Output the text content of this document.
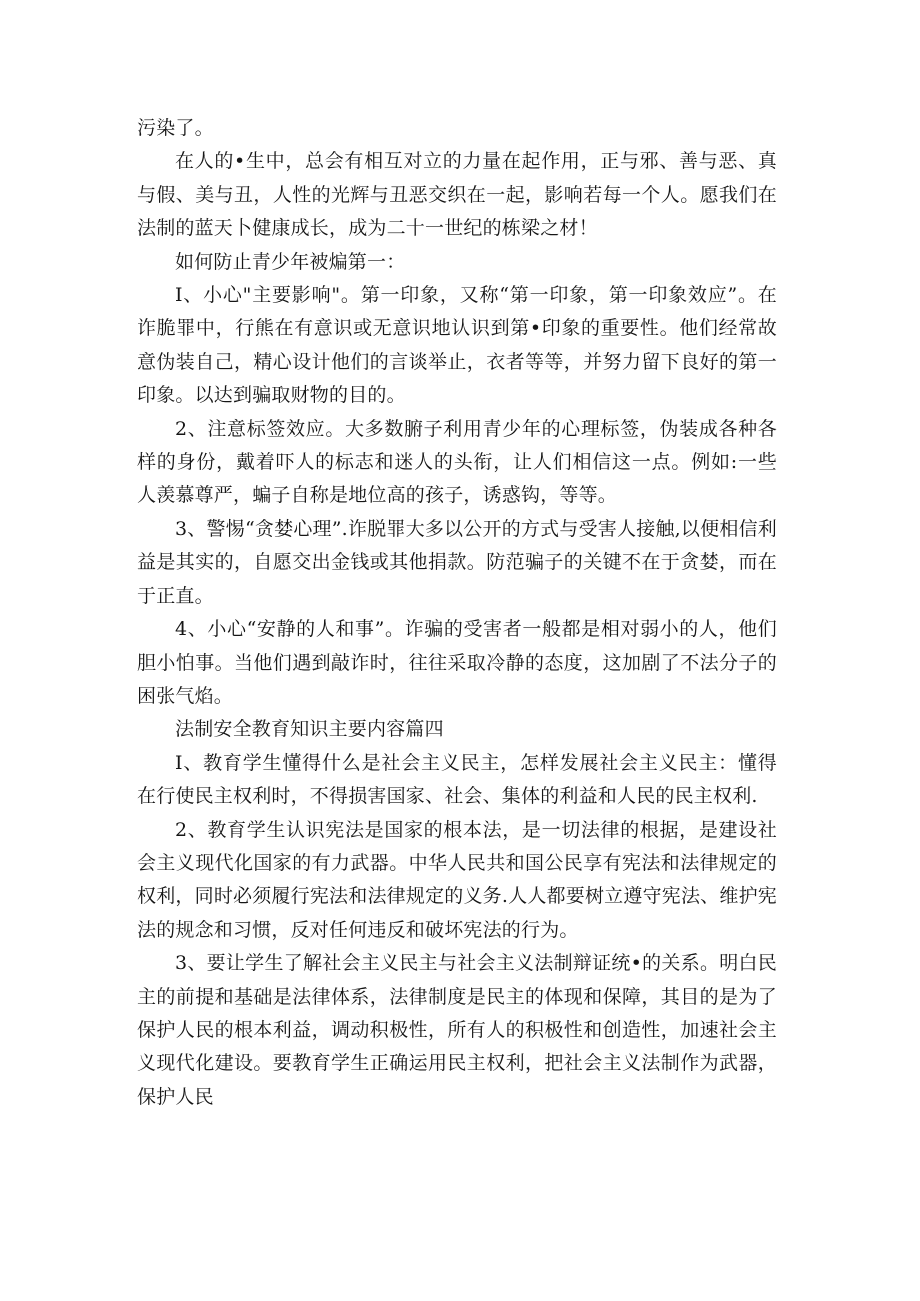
污染了。

在人的•生中，总会有相互对立的力量在起作用，正与邪、善与恶、真与假、美与丑，人性的光辉与丑恶交织在一起，影响若每一个人。愿我们在法制的蓝天卜健康成长，成为二十一世纪的栋梁之材！

如何防止青少年被煸第一：

I、小心"主要影响"。第一印象，又称“第一印象，第一印象效应”。在诈脆罪中，行熊在有意识或无意识地认识到第•印象的重要性。他们经常故意伪装自己，精心设计他们的言谈举止，衣者等等，并努力留下良好的第一印象。以达到骗取财物的目的。

2、注意标签效应。大多数腑子利用青少年的心理标签，伪装成各种各样的身份，戴着吓人的标志和迷人的头衔，让人们相信这一点。例如:一些人羡慕尊严，蝙子自称是地位高的孩子，诱惑钩，等等。

3、警惕“贪婪心理”.诈脱罪大多以公开的方式与受害人接触,以便相信利益是其实的，自愿交出金钱或其他捐款。防范骗子的关键不在于贪婪，而在于正直。

4、小心“安静的人和事”。诈骗的受害者一般都是相对弱小的人，他们胆小怕事。当他们遇到敲诈时，往往采取冷静的态度，这加剧了不法分子的困张气焰。

法制安全教育知识主要内容篇四

I、教育学生懂得什么是社会主义民主，怎样发展社会主义民主：懂得在行使民主权利时，不得损害国家、社会、集体的利益和人民的民主权利.

2、教育学生认识宪法是国家的根本法，是一切法律的根据，是建设社会主义现代化国家的有力武器。中华人民共和国公民享有宪法和法律规定的权利，同时必须履行宪法和法律规定的义务.人人都要树立遵守宪法、维护宪法的规念和习惯，反对任何违反和破坏宪法的行为。

3、要让学生了解社会主义民主与社会主义法制辩证统•的关系。明白民主的前提和基础是法律体系，法律制度是民主的体现和保障，其目的是为了保护人民的根本利益，调动积极性，所有人的积极性和创造性，加速社会主义现代化建设。要教育学生正确运用民主权利，把社会主义法制作为武器，保护人民
